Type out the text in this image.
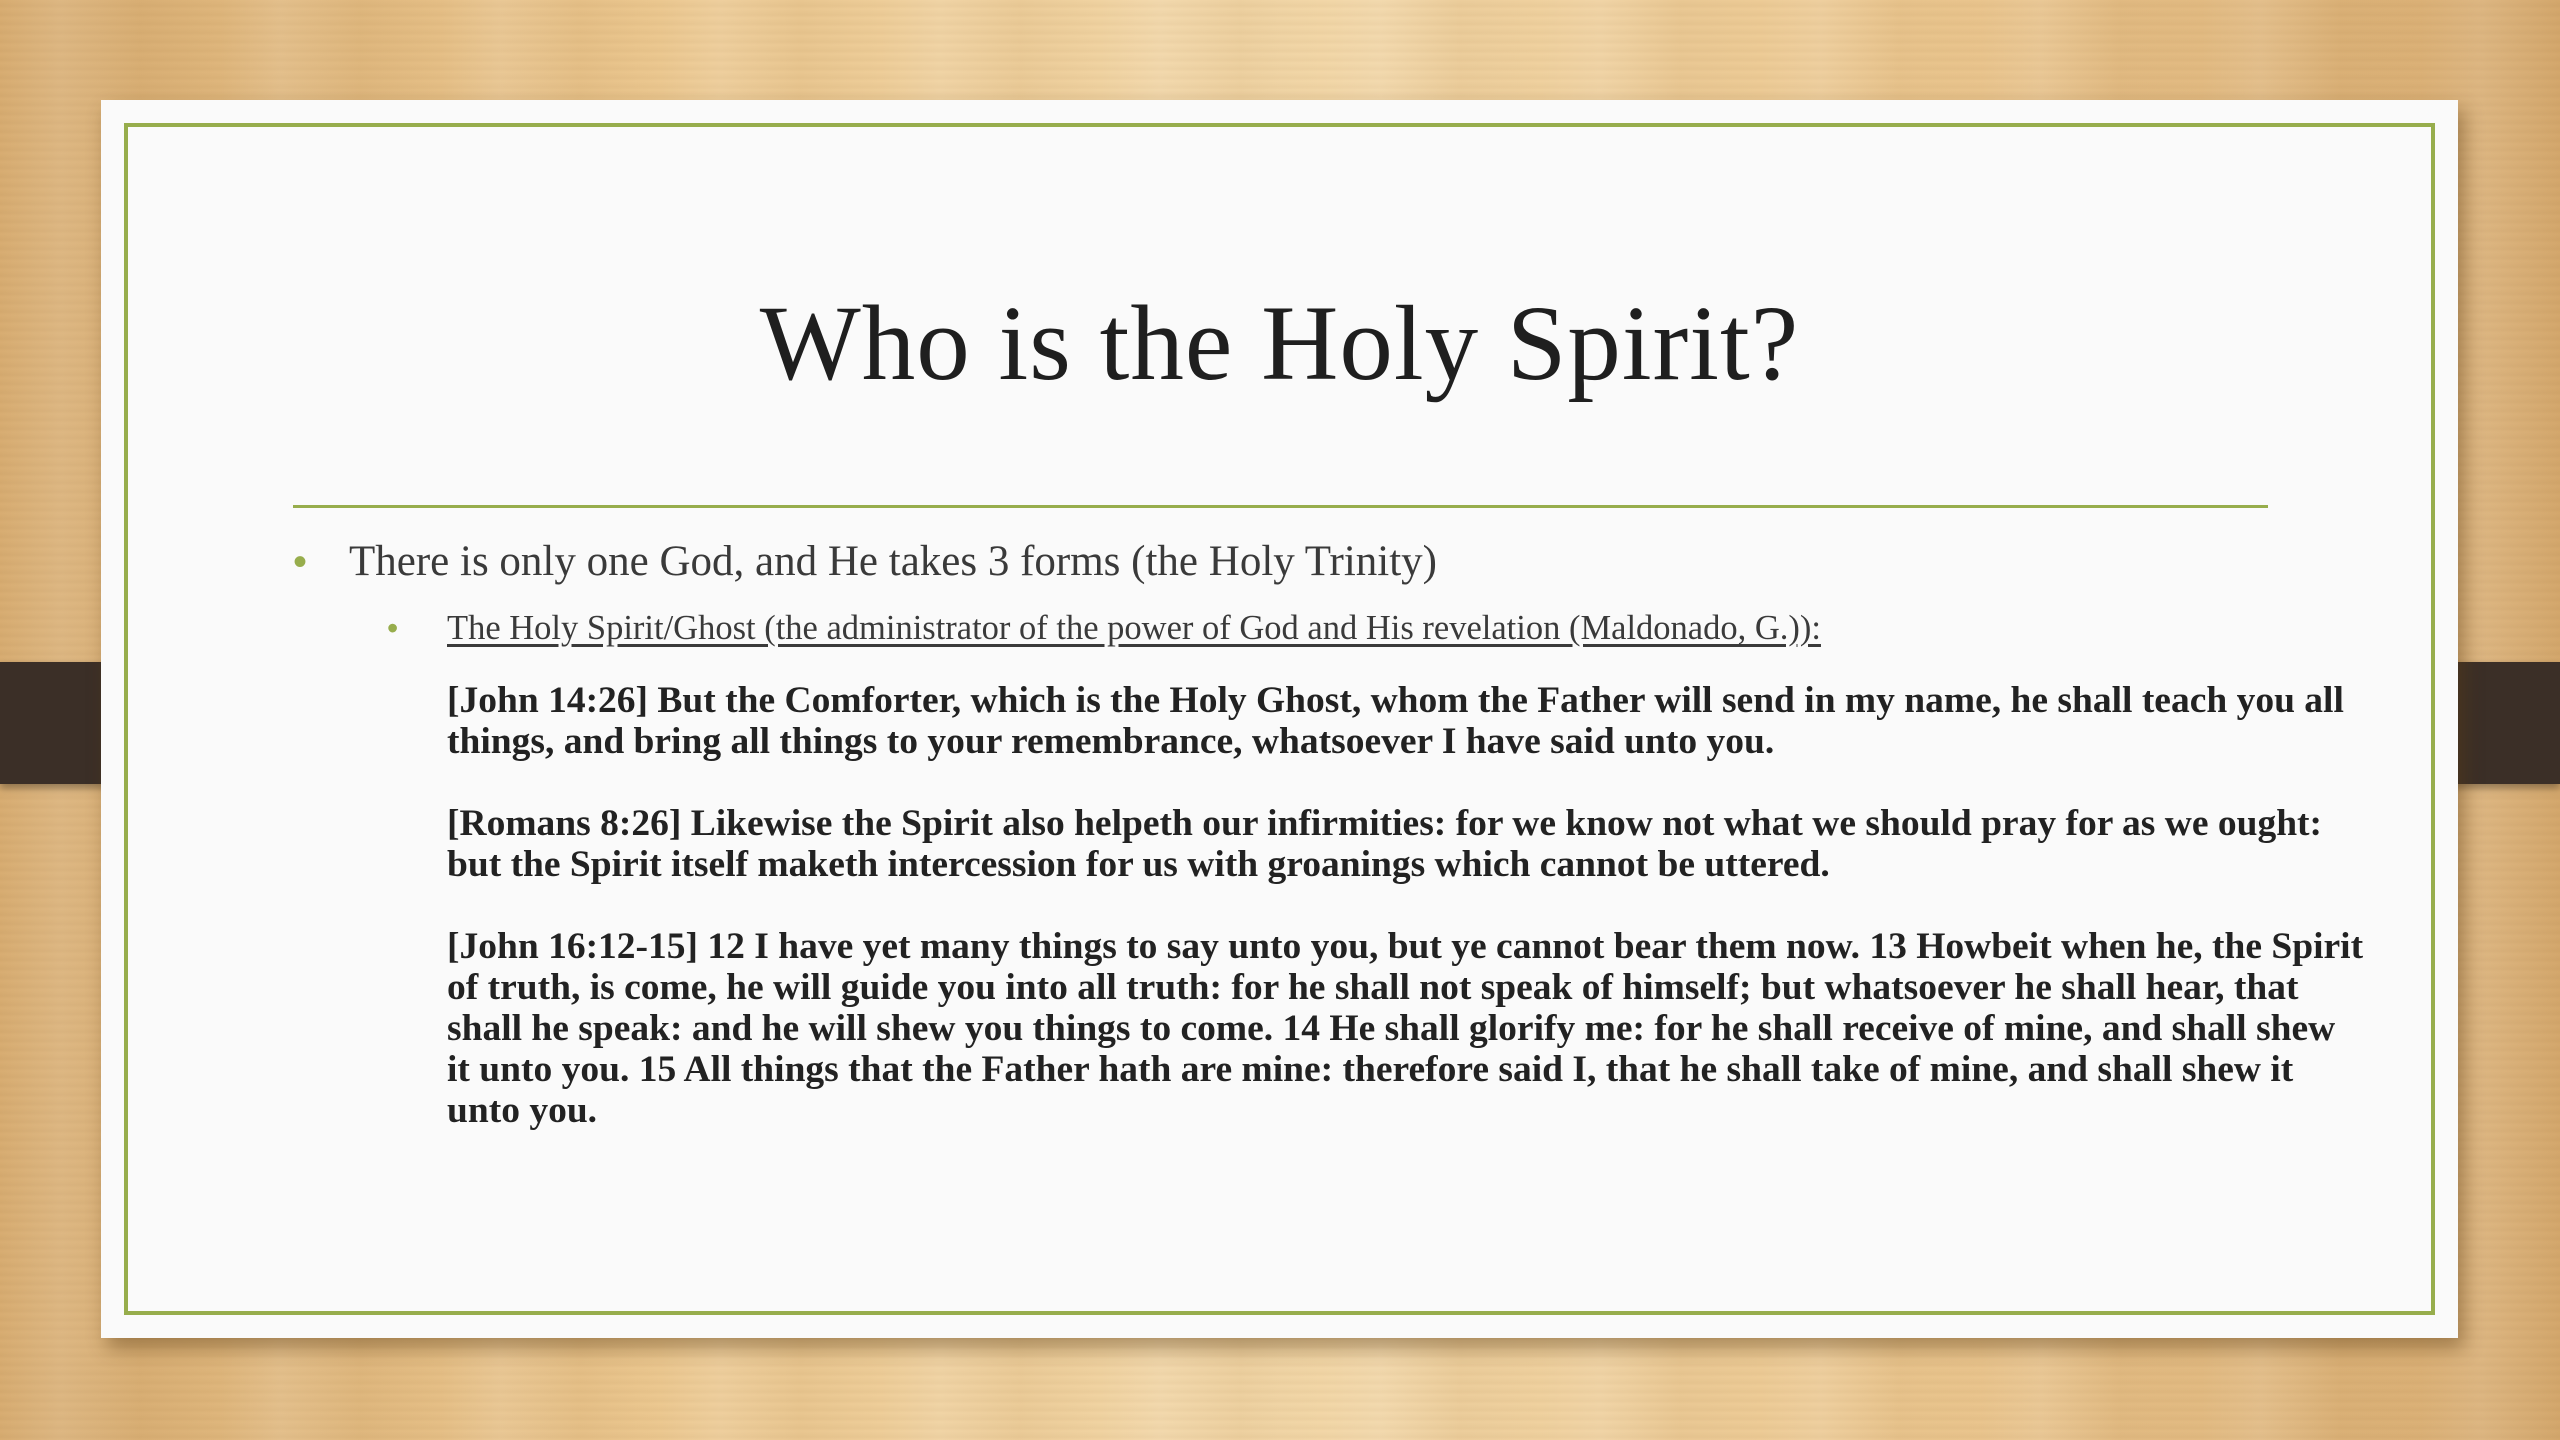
Who is the Holy Spirit?
• There is only one God, and He takes 3 forms (the Holy Trinity)
•	The Holy Spirit/Ghost (the administrator of the power of God and His revelation (Maldonado, G.)):

[John 14:26] But the Comforter, which is the Holy Ghost, whom the Father will send in my name, he shall teach you all things, and bring all things to your remembrance, whatsoever I have said unto you.

[Romans 8:26] Likewise the Spirit also helpeth our infirmities: for we know not what we should pray for as we ought: but the Spirit itself maketh intercession for us with groanings which cannot be uttered.

[John 16:12-15] 12 I have yet many things to say unto you, but ye cannot bear them now. 13 Howbeit when he, the Spirit of truth, is come, he will guide you into all truth: for he shall not speak of himself; but whatsoever he shall hear, that shall he speak: and he will shew you things to come. 14 He shall glorify me: for he shall receive of mine, and shall shew it unto you. 15 All things that the Father hath are mine: therefore said I, that he shall take of mine, and shall shew it unto you.
